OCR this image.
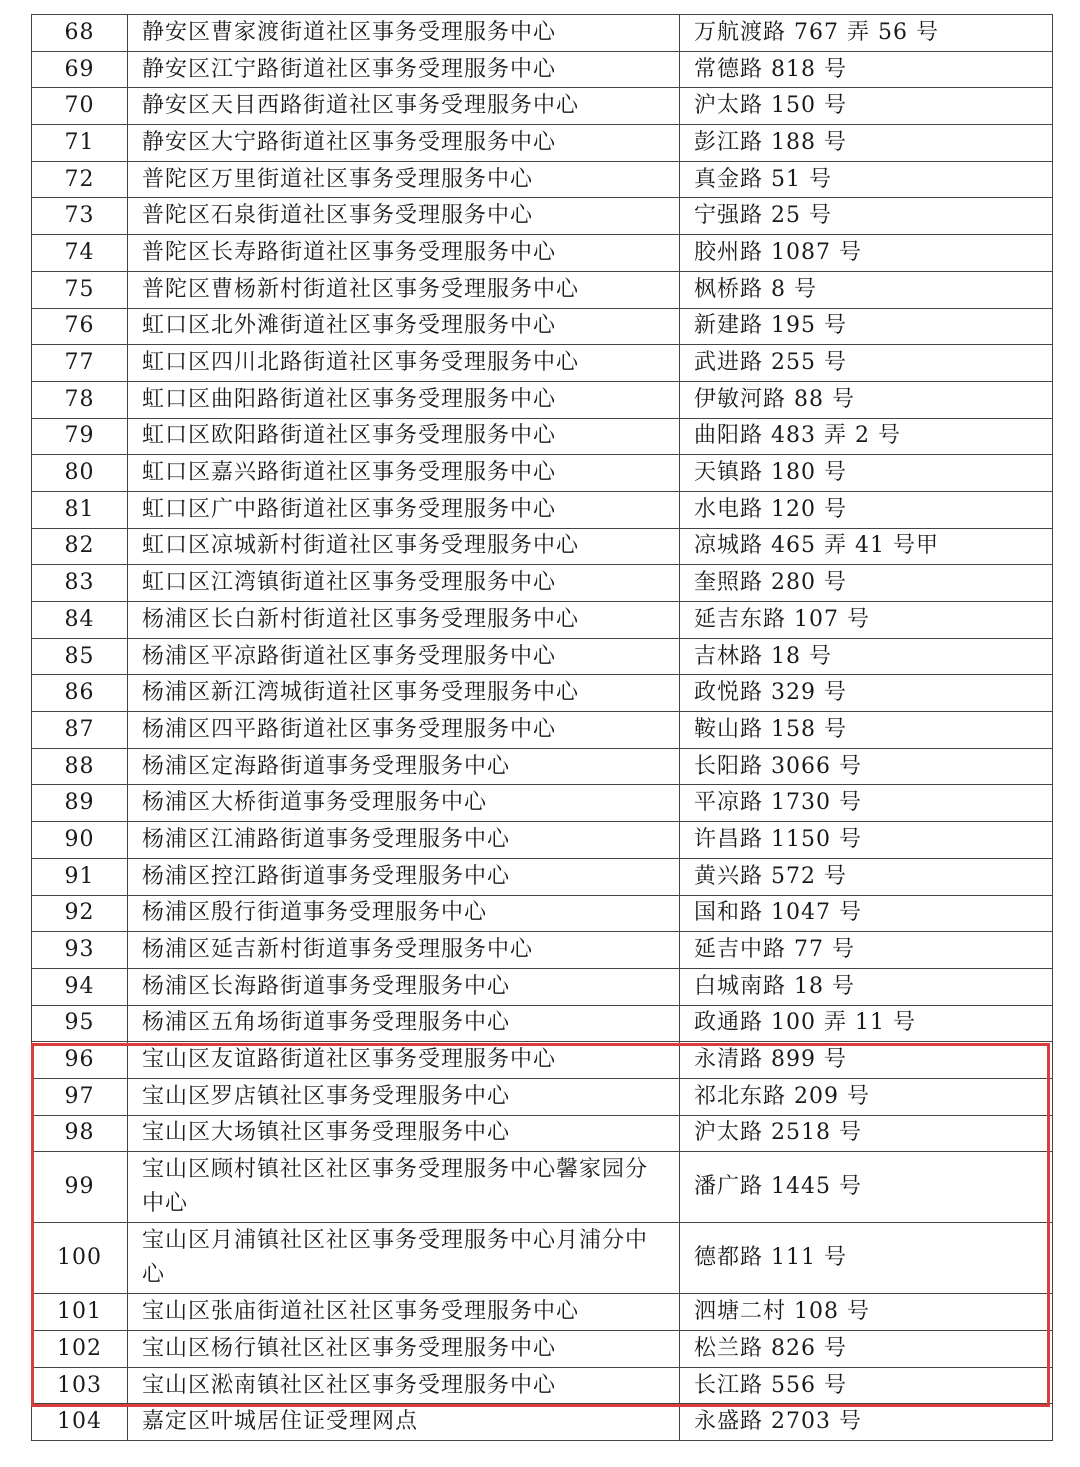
68	静安区曹家渡街道社区事务受理服务中心	万航渡路 767 弄 56 号
69	静安区江宁路街道社区事务受理服务中心	常德路 818 号
70	静安区天目西路街道社区事务受理服务中心	沪太路 150 号
71	静安区大宁路街道社区事务受理服务中心	彭江路 188 号
72	普陀区万里街道社区事务受理服务中心	真金路 51 号
73	普陀区石泉街道社区事务受理服务中心	宁强路 25 号
74	普陀区长寿路街道社区事务受理服务中心	胶州路 1087 号
75	普陀区曹杨新村街道社区事务受理服务中心	枫桥路 8 号
76	虹口区北外滩街道社区事务受理服务中心	新建路 195 号
77	虹口区四川北路街道社区事务受理服务中心	武进路 255 号
78	虹口区曲阳路街道社区事务受理服务中心	伊敏河路 88 号
79	虹口区欧阳路街道社区事务受理服务中心	曲阳路 483 弄 2 号
80	虹口区嘉兴路街道社区事务受理服务中心	天镇路 180 号
81	虹口区广中路街道社区事务受理服务中心	水电路 120 号
82	虹口区凉城新村街道社区事务受理服务中心	凉城路 465 弄 41 号甲
83	虹口区江湾镇街道社区事务受理服务中心	奎照路 280 号
84	杨浦区长白新村街道社区事务受理服务中心	延吉东路 107 号
85	杨浦区平凉路街道社区事务受理服务中心	吉林路 18 号
86	杨浦区新江湾城街道社区事务受理服务中心	政悦路 329 号
87	杨浦区四平路街道社区事务受理服务中心	鞍山路 158 号
88	杨浦区定海路街道事务受理服务中心	长阳路 3066 号
89	杨浦区大桥街道事务受理服务中心	平凉路 1730 号
90	杨浦区江浦路街道事务受理服务中心	许昌路 1150 号
91	杨浦区控江路街道事务受理服务中心	黄兴路 572 号
92	杨浦区殷行街道事务受理服务中心	国和路 1047 号
93	杨浦区延吉新村街道事务受理服务中心	延吉中路 77 号
94	杨浦区长海路街道事务受理服务中心	白城南路 18 号
95	杨浦区五角场街道事务受理服务中心	政通路 100 弄 11 号
96	宝山区友谊路街道社区事务受理服务中心	永清路 899 号
97	宝山区罗店镇社区事务受理服务中心	祁北东路 209 号
98	宝山区大场镇社区事务受理服务中心	沪太路 2518 号
99	宝山区顾村镇社区社区事务受理服务中心馨家园分中心	潘广路 1445 号
100	宝山区月浦镇社区社区事务受理服务中心月浦分中心	德都路 111 号
101	宝山区张庙街道社区社区事务受理服务中心	泗塘二村 108 号
102	宝山区杨行镇社区社区事务受理服务中心	松兰路 826 号
103	宝山区淞南镇社区社区事务受理服务中心	长江路 556 号
104	嘉定区叶城居住证受理网点	永盛路 2703 号
